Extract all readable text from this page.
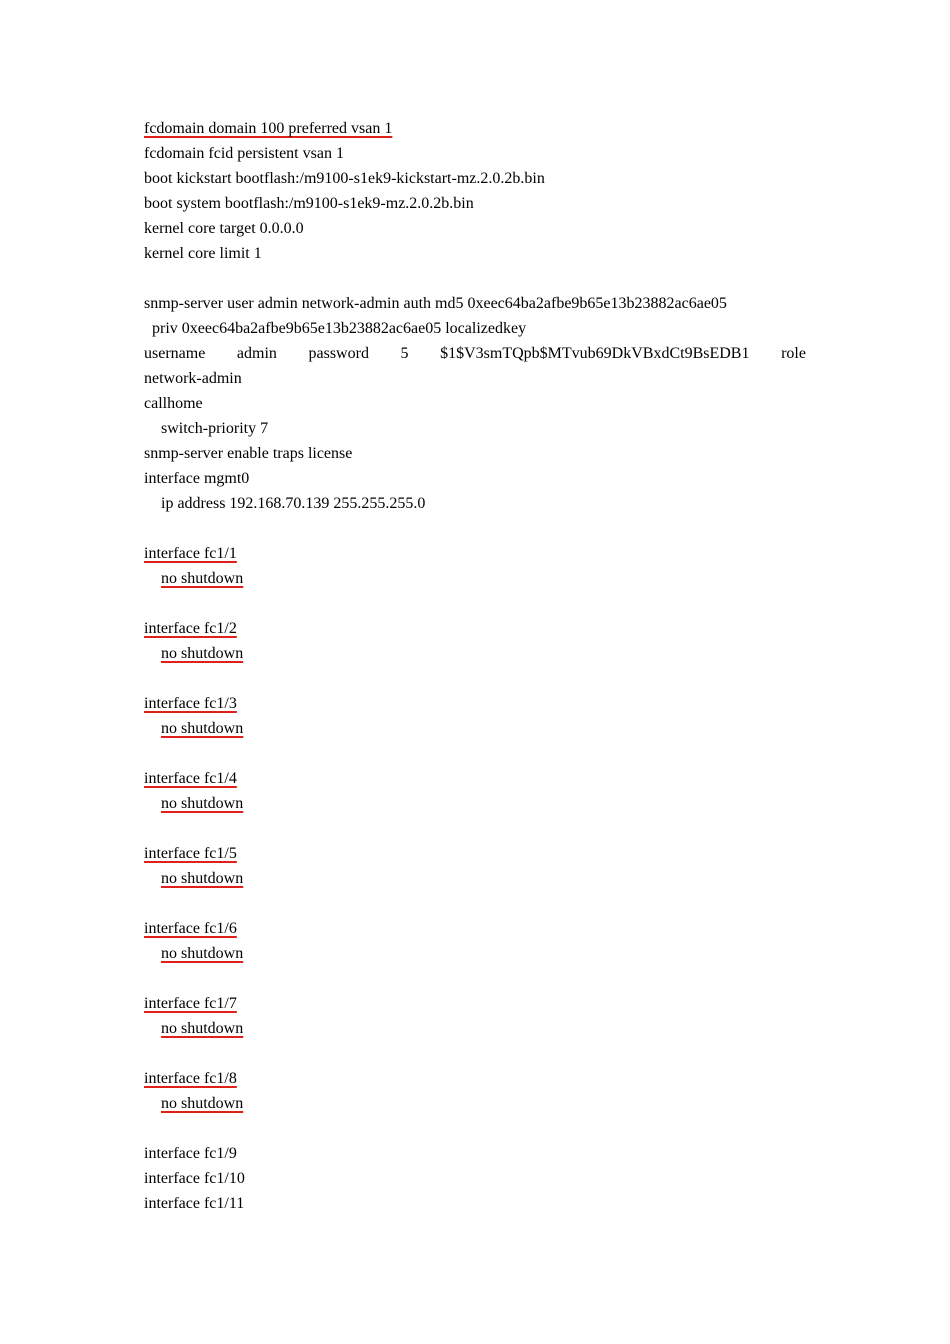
fcdomain domain 100 preferred vsan 1
fcdomain fcid persistent vsan 1
boot kickstart bootflash:/m9100-s1ek9-kickstart-mz.2.0.2b.bin
boot system bootflash:/m9100-s1ek9-mz.2.0.2b.bin
kernel core target 0.0.0.0
kernel core limit 1
snmp-server user admin network-admin auth md5 0xeec64ba2afbe9b65e13b23882ac6ae05
priv 0xeec64ba2afbe9b65e13b23882ac6ae05 localizedkey
username admin password 5 $1$V3smTQpb$MTvub69DkVBxdCt9BsEDB1 role
network-admin
callhome
switch-priority 7
snmp-server enable traps license
interface mgmt0
ip address 192.168.70.139 255.255.255.0
interface fc1/1
no shutdown
interface fc1/2
no shutdown
interface fc1/3
no shutdown
interface fc1/4
no shutdown
interface fc1/5
no shutdown
interface fc1/6
no shutdown
interface fc1/7
no shutdown
interface fc1/8
no shutdown
interface fc1/9
interface fc1/10
interface fc1/11
